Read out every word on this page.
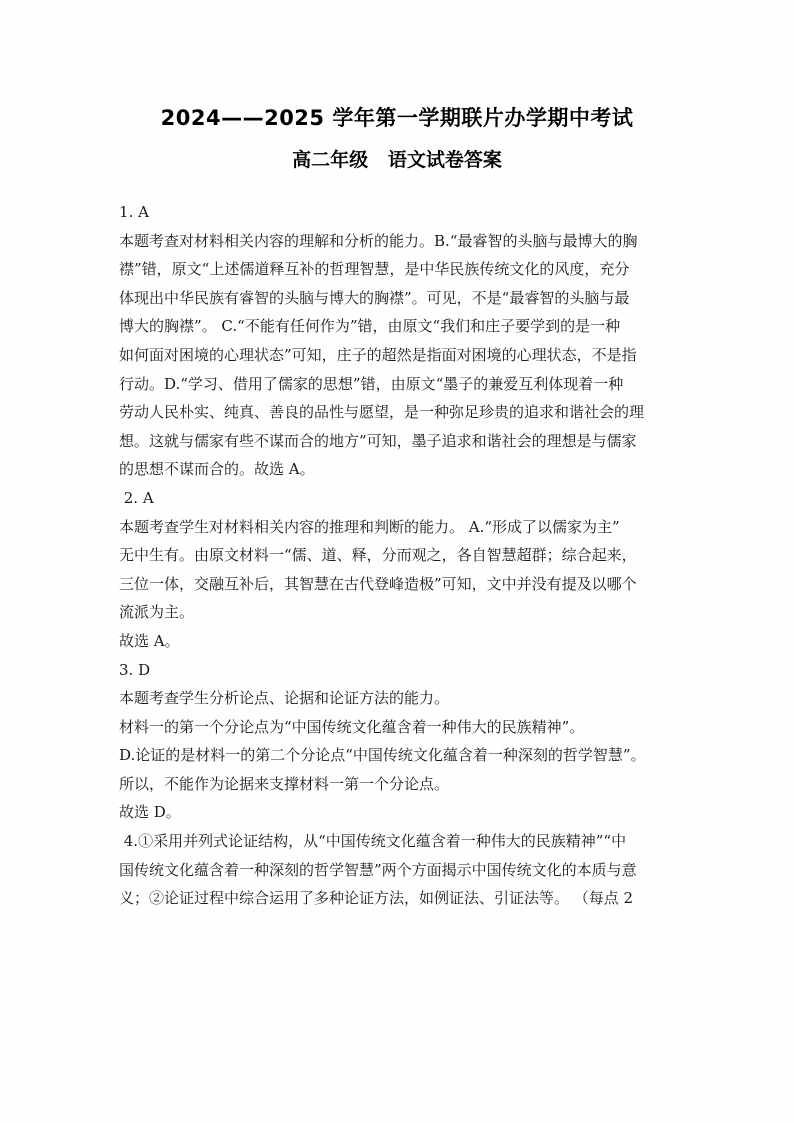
2024——2025 学年第一学期联片办学期中考试
高二年级   语文试卷答案
1. A
本题考查对材料相关内容的理解和分析的能力。B.“最睿智的头脑与最博大的胸
襟”错，原文“上述儒道释互补的哲理智慧，是中华民族传统文化的风度，充分
体现出中华民族有睿智的头脑与博大的胸襟”。可见，不是“最睿智的头脑与最
博大的胸襟”。 C.“不能有任何作为”错，由原文“我们和庄子要学到的是一种
如何面对困境的心理状态”可知，庄子的超然是指面对困境的心理状态，不是指
行动。D.“学习、借用了儒家的思想”错，由原文“墨子的兼爱互利体现着一种
劳动人民朴实、纯真、善良的品性与愿望，是一种弥足珍贵的追求和谐社会的理
想。这就与儒家有些不谋而合的地方”可知，墨子追求和谐社会的理想是与儒家
的思想不谋而合的。故选 A。
2. A
本题考查学生对材料相关内容的推理和判断的能力。 A.“形成了以儒家为主”
无中生有。由原文材料一“儒、道、释，分而观之，各自智慧超群；综合起来，
三位一体，交融互补后，其智慧在古代登峰造极”可知，文中并没有提及以哪个
流派为主。
故选 A。
3. D
本题考查学生分析论点、论据和论证方法的能力。
材料一的第一个分论点为“中国传统文化蕴含着一种伟大的民族精神”。
D.论证的是材料一的第二个分论点“中国传统文化蕴含着一种深刻的哲学智慧”。
所以，不能作为论据来支撑材料一第一个分论点。
故选 D。
4.①采用并列式论证结构，从“中国传统文化蕴含着一种伟大的民族精神”“中
国传统文化蕴含着一种深刻的哲学智慧”两个方面揭示中国传统文化的本质与意
义；②论证过程中综合运用了多种论证方法，如例证法、引证法等。 （每点 2
